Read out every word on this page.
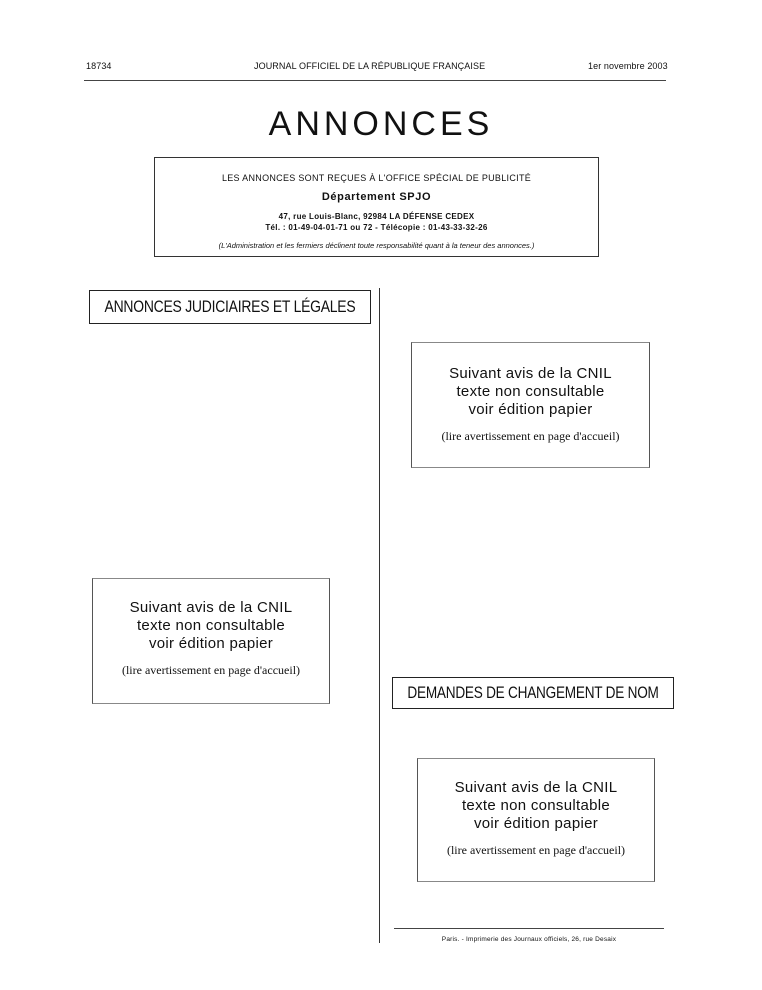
18734	JOURNAL OFFICIEL DE LA RÉPUBLIQUE FRANÇAISE	1er novembre 2003
ANNONCES
LES ANNONCES SONT REÇUES À L'OFFICE SPÉCIAL DE PUBLICITÉ
Département SPJO
47, rue Louis-Blanc, 92984 LA DÉFENSE CEDEX
Tél. : 01-49-04-01-71 ou 72 - Télécopie : 01-43-33-32-26
(L'Administration et les fermiers déclinent toute responsabilité quant à la teneur des annonces.)
ANNONCES JUDICIAIRES ET LÉGALES
DEMANDES DE CHANGEMENT DE NOM
Suivant avis de la CNIL
texte non consultable
voir édition papier
(lire avertissement en page d'accueil)
Suivant avis de la CNIL
texte non consultable
voir édition papier
(lire avertissement en page d'accueil)
Suivant avis de la CNIL
texte non consultable
voir édition papier
(lire avertissement en page d'accueil)
Paris. - Imprimerie des Journaux officiels, 26, rue Desaix
